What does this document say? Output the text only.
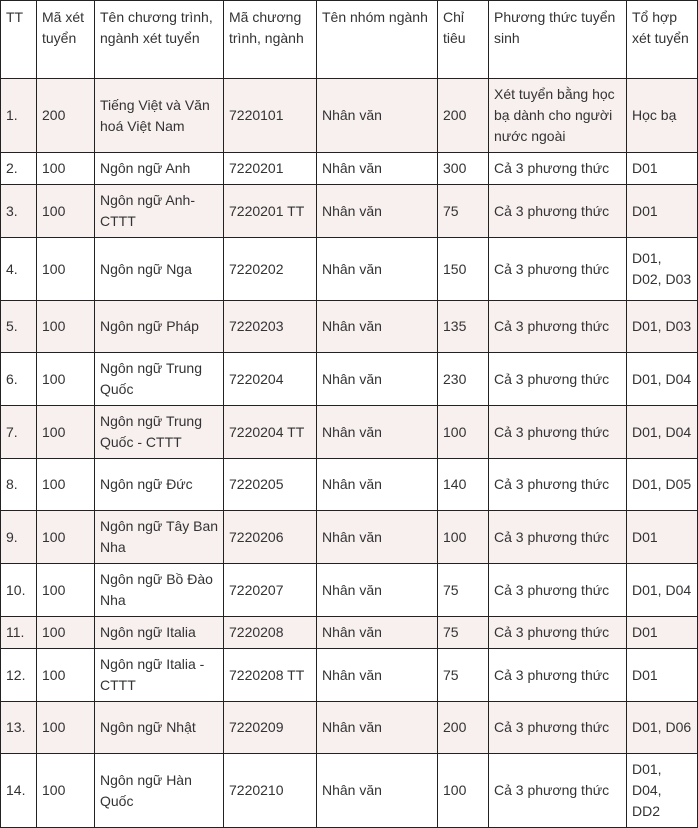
TT	Mã xét tuyển	Tên chương trình, ngành xét tuyển	Mã chương trình, ngành	Tên nhóm ngành	Chỉ tiêu	Phương thức tuyển sinh	Tổ hợp xét tuyển
1.	200	Tiếng Việt và Văn hoá Việt Nam	7220101	Nhân văn	200	Xét tuyển bằng học bạ dành cho người nước ngoài	Học bạ
2.	100	Ngôn ngữ Anh	7220201	Nhân văn	300	Cả 3 phương thức	D01
3.	100	Ngôn ngữ Anh-CTTT	7220201 TT	Nhân văn	75	Cả 3 phương thức	D01
4.	100	Ngôn ngữ Nga	7220202	Nhân văn	150	Cả 3 phương thức	D01, D02, D03
5.	100	Ngôn ngữ Pháp	7220203	Nhân văn	135	Cả 3 phương thức	D01, D03
6.	100	Ngôn ngữ Trung Quốc	7220204	Nhân văn	230	Cả 3 phương thức	D01, D04
7.	100	Ngôn ngữ Trung Quốc - CTTT	7220204 TT	Nhân văn	100	Cả 3 phương thức	D01, D04
8.	100	Ngôn ngữ Đức	7220205	Nhân văn	140	Cả 3 phương thức	D01, D05
9.	100	Ngôn ngữ Tây Ban Nha	7220206	Nhân văn	100	Cả 3 phương thức	D01
10.	100	Ngôn ngữ Bồ Đào Nha	7220207	Nhân văn	75	Cả 3 phương thức	D01, D04
11.	100	Ngôn ngữ Italia	7220208	Nhân văn	75	Cả 3 phương thức	D01
12.	100	Ngôn ngữ Italia - CTTT	7220208 TT	Nhân văn	75	Cả 3 phương thức	D01
13.	100	Ngôn ngữ Nhật	7220209	Nhân văn	200	Cả 3 phương thức	D01, D06
14.	100	Ngôn ngữ Hàn Quốc	7220210	Nhân văn	100	Cả 3 phương thức	D01, D04, DD2
